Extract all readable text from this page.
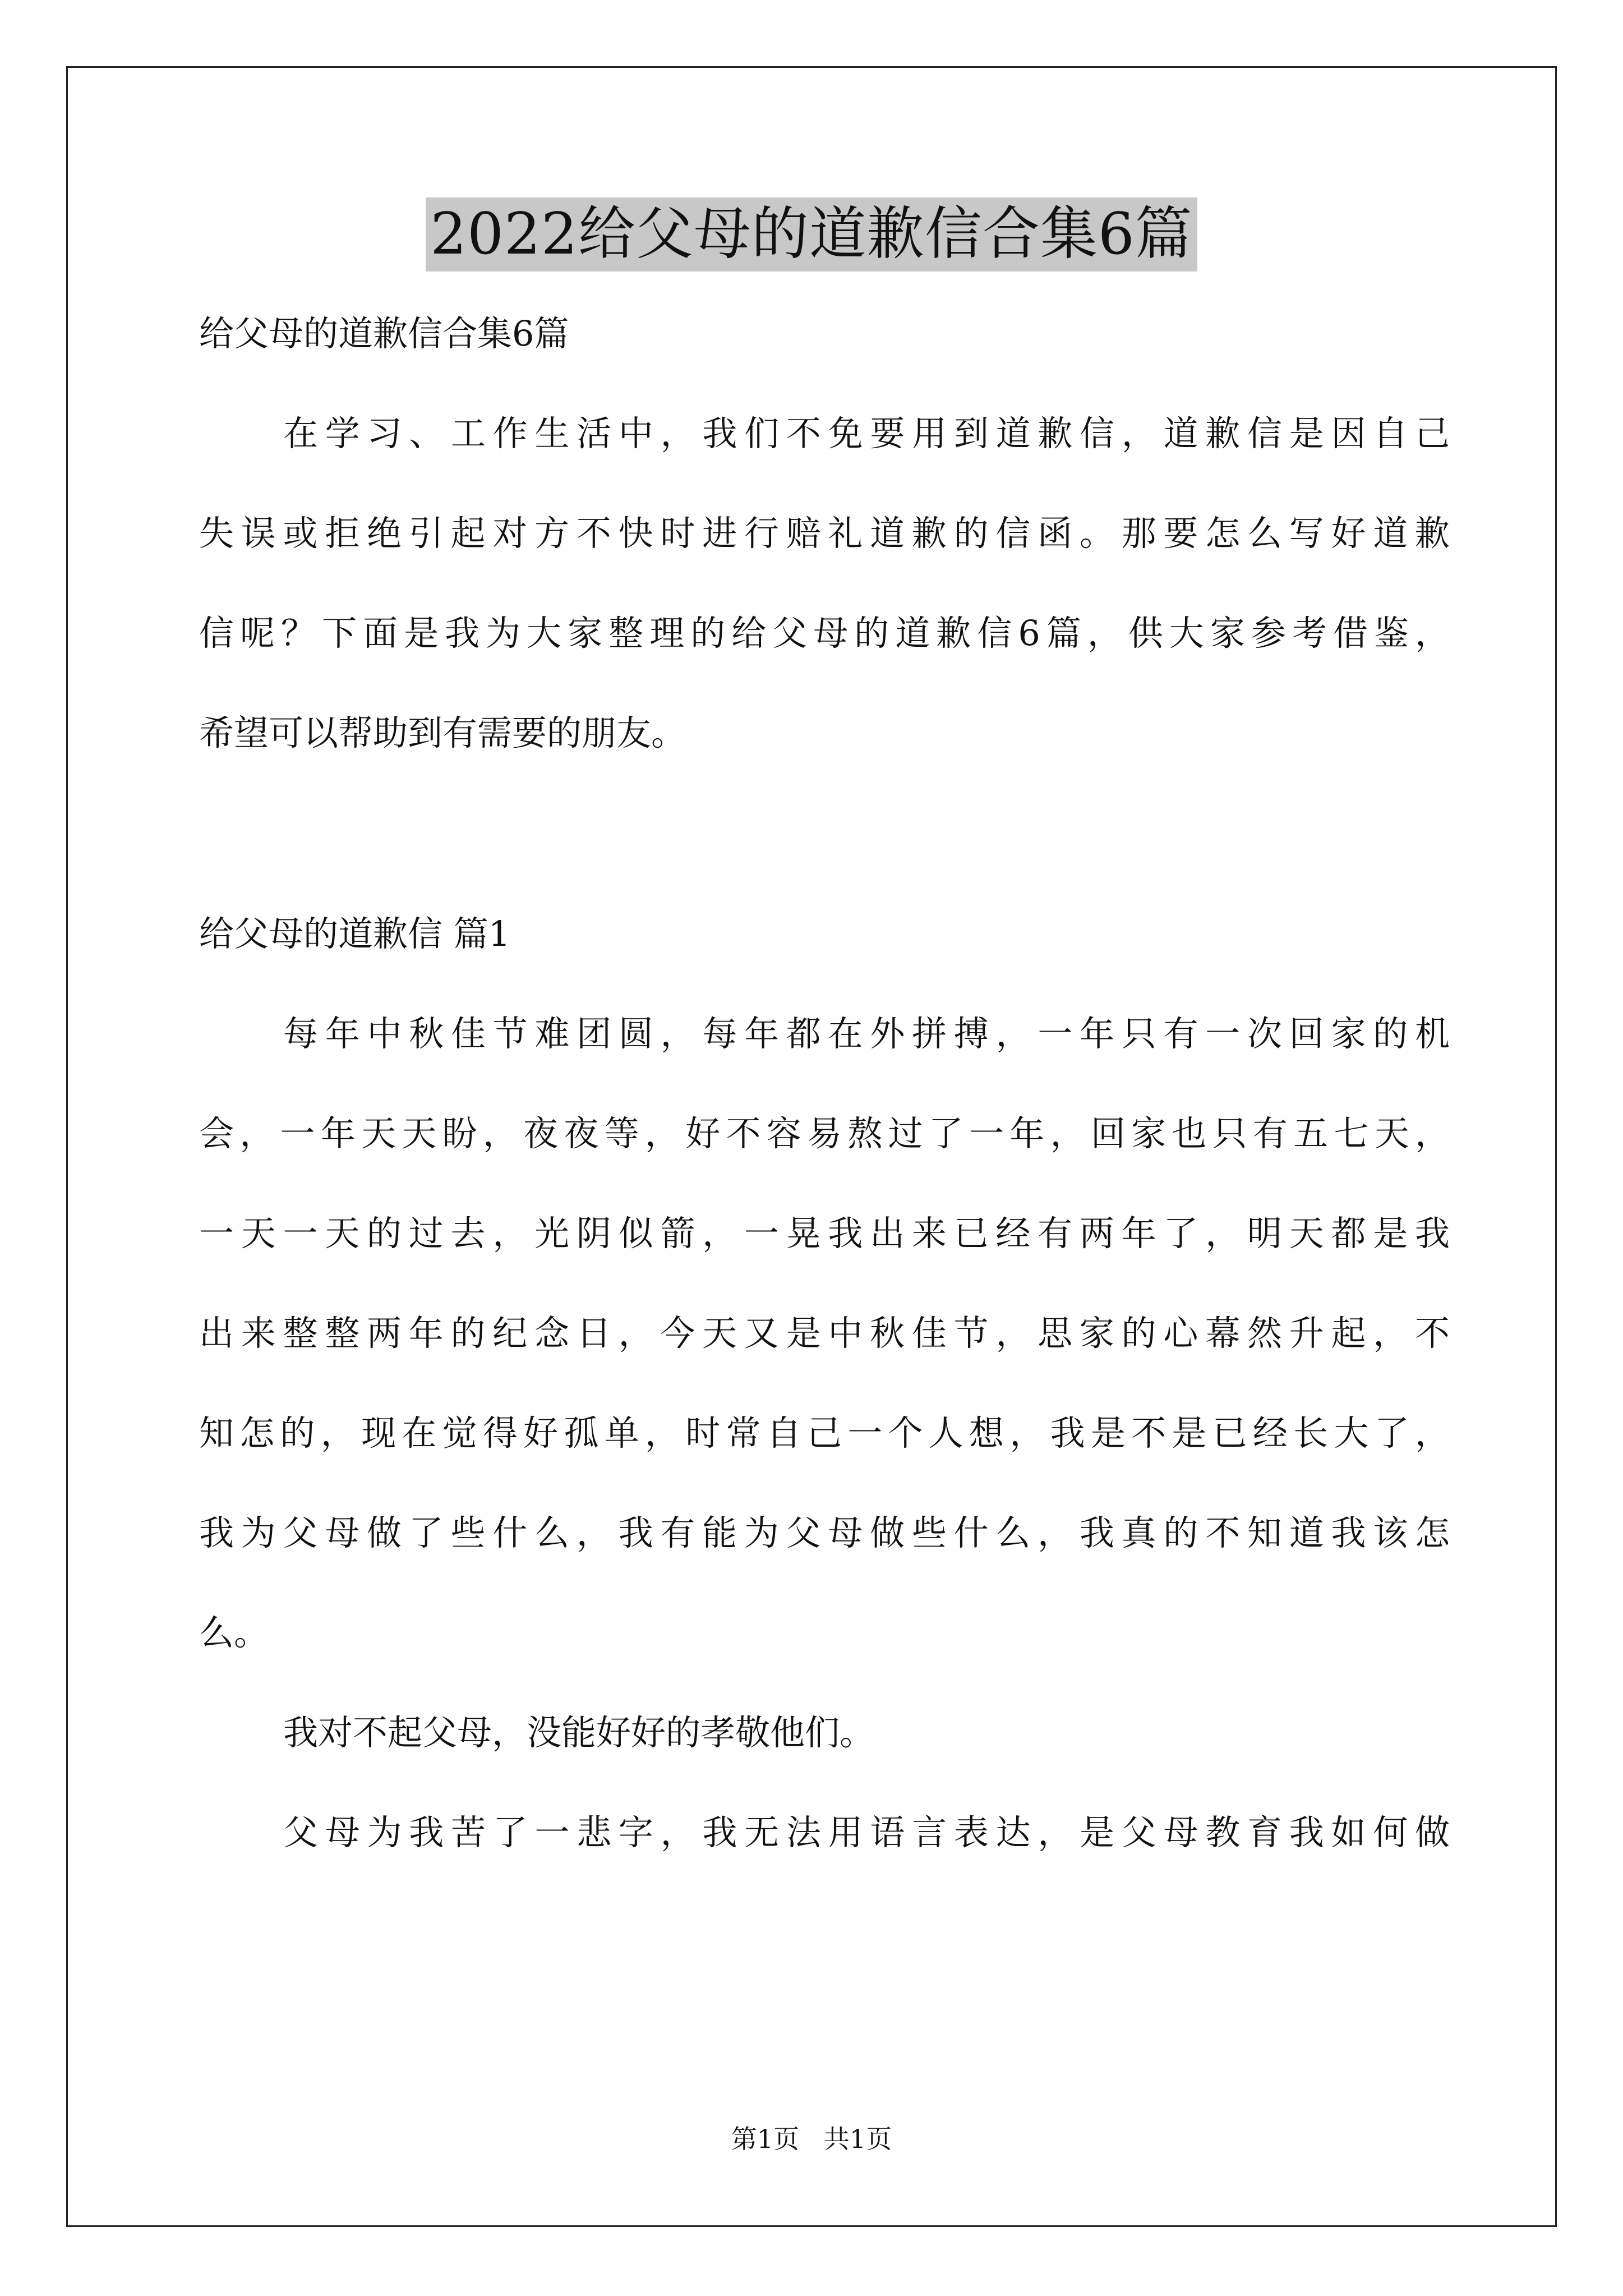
2022给父母的道歉信合集6篇

给父母的道歉信合集6篇

在学习、工作生活中，我们不免要用到道歉信，道歉信是因自己

失误或拒绝引起对方不快时进行赔礼道歉的信函。那要怎么写好道歉

信呢？下面是我为大家整理的给父母的道歉信6篇，供大家参考借鉴，

希望可以帮助到有需要的朋友。

给父母的道歉信 篇1

每年中秋佳节难团圆，每年都在外拼搏，一年只有一次回家的机

会，一年天天盼，夜夜等，好不容易熬过了一年，回家也只有五七天，

一天一天的过去，光阴似箭，一晃我出来已经有两年了，明天都是我

出来整整两年的纪念日，今天又是中秋佳节，思家的心幕然升起，不

知怎的，现在觉得好孤单，时常自己一个人想，我是不是已经长大了，

我为父母做了些什么，我有能为父母做些什么，我真的不知道我该怎

么。

我对不起父母，没能好好的孝敬他们。

父母为我苦了一悲字，我无法用语言表达，是父母教育我如何做

第1页   共1页
